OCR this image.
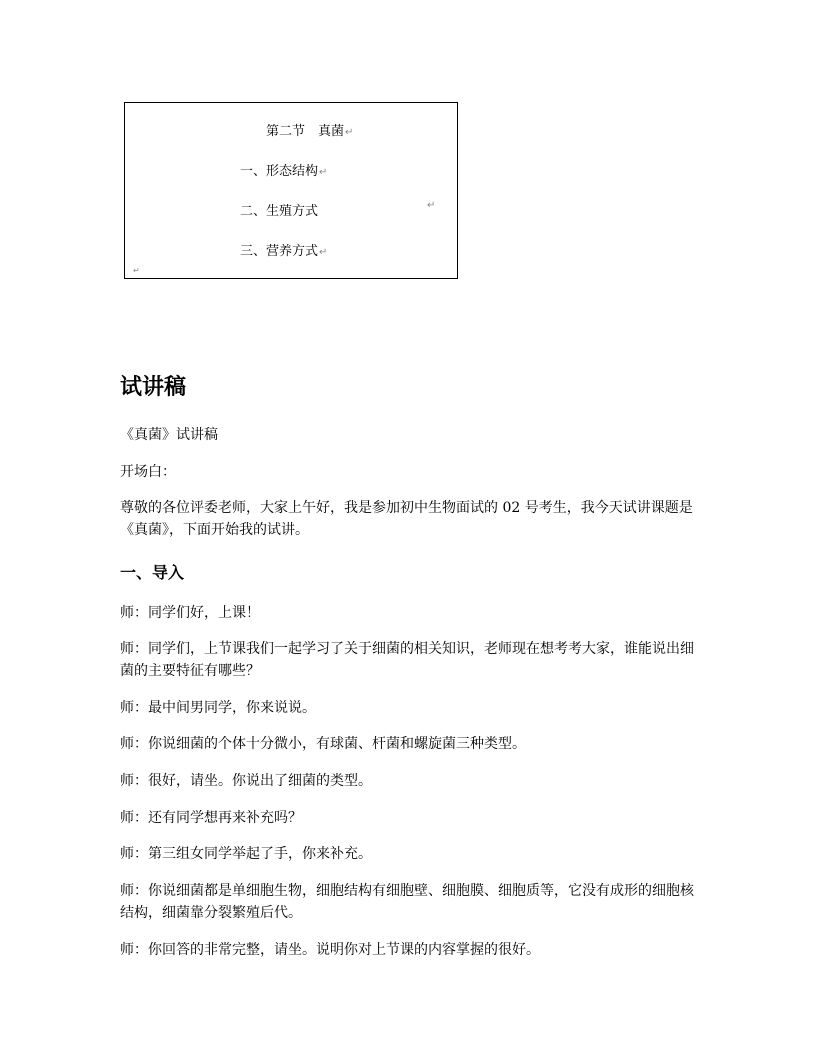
第二节　真菌↵
一、形态结构↵
二、生殖方式	↵
三、营养方式↵
↵
试讲稿
《真菌》试讲稿
开场白：
尊敬的各位评委老师，大家上午好，我是参加初中生物面试的 02 号考生，我今天试讲课题是《真菌》，下面开始我的试讲。
一、导入
师：同学们好，上课！
师：同学们，上节课我们一起学习了关于细菌的相关知识，老师现在想考考大家，谁能说出细菌的主要特征有哪些？
师：最中间男同学，你来说说。
师：你说细菌的个体十分微小，有球菌、杆菌和螺旋菌三种类型。
师：很好，请坐。你说出了细菌的类型。
师：还有同学想再来补充吗？
师：第三组女同学举起了手，你来补充。
师：你说细菌都是单细胞生物，细胞结构有细胞壁、细胞膜、细胞质等，它没有成形的细胞核结构，细菌靠分裂繁殖后代。
师：你回答的非常完整，请坐。说明你对上节课的内容掌握的很好。
